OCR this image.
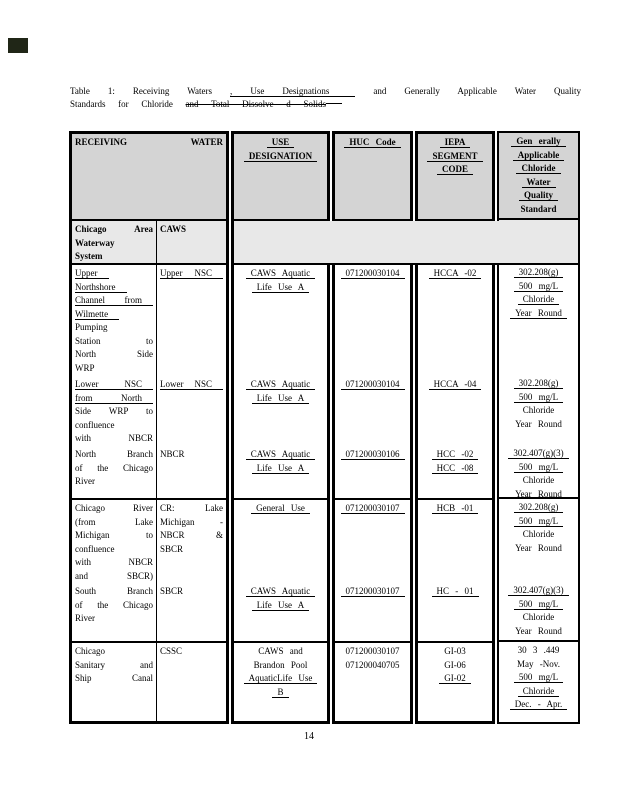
Table 1: Receiving Waters , Use Designations	and Generally Applicable Water Quality
Standards for Chloride and Total Dissolve d Solids
RECEIVING WATER
Chicago Area
Waterway
System
CAWS
Upper
Northshore
Channel from
Wilmette
Pumping
Station to
North Side
WRP
Upper NSC
Lower NSC
from North
Side WRP to
confluence
with NBCR
Lower NSC
North Branch
of the Chicago
River
NBCR
Chicago River
(from Lake
Michigan to
confluence
with NBCR
and SBCR)
CR: Lake
Michigan -
NBCR &
SBCR
South Branch
of the Chicago
River
SBCR
Chicago
Sanitary and
Ship Canal
CSSC
USE
DESIGNATION
CAWS Aquatic
Life Use A
CAWS Aquatic
Life Use A
CAWS Aquatic
Life Use A
General Use
CAWS Aquatic
Life Use A
CAWS and
Brandon Pool
AquaticLife Use
B
HUC Code
071200030104
071200030104
071200030106
071200030107
071200030107
071200030107
071200040705
IEPA
SEGMENT
CODE
HCCA -02
HCCA -04
HCC -02
HCC -08
HCB -01
HC - 01
GI-03
GI-06
GI-02
Gen erally
Applicable
Chloride
Water
Quality
Standard
302.208(g)
500 mg/L
Chloride
Year Round
302.208(g)
500 mg/L
Chloride
Year Round
302.407(g)(3)
500 mg/L
Chloride
Year Round
302.208(g)
500 mg/L
Chloride
Year Round
302.407(g)(3)
500 mg/L
Chloride
Year Round
30 3 .449
May -Nov.
500 mg/L
Chloride
Dec. - Apr.
14
